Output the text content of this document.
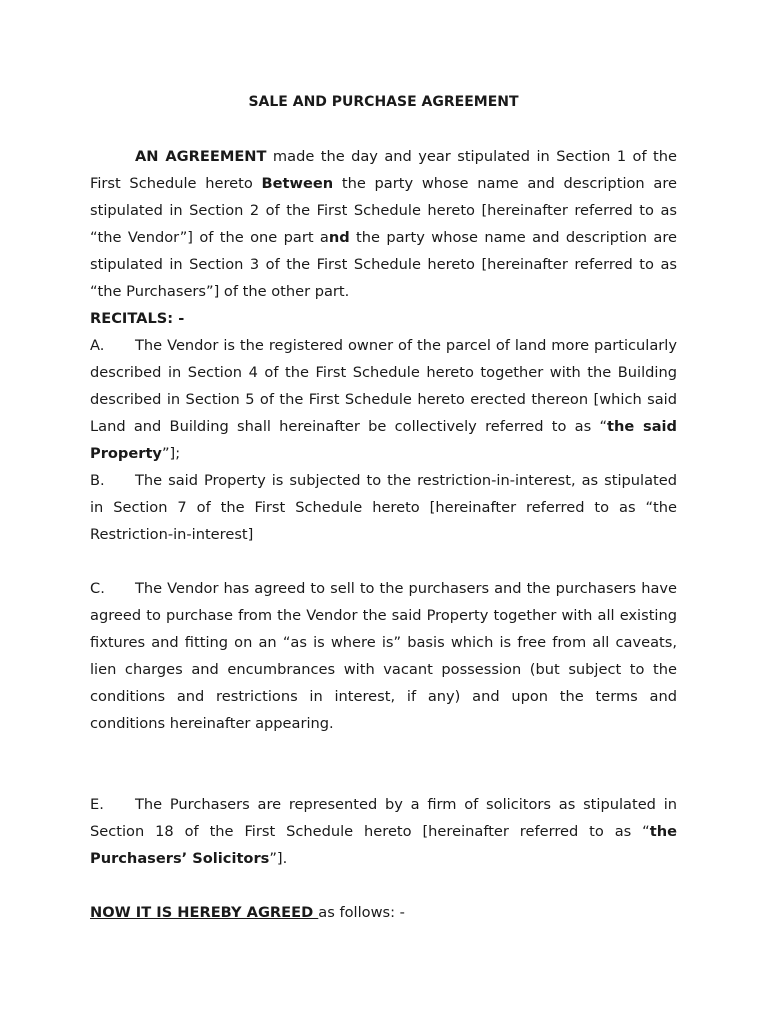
SALE AND PURCHASE AGREEMENT

AN AGREEMENT made the day and year stipulated in Section 1 of the First Schedule hereto Between the party whose name and description are stipulated in Section 2 of the First Schedule hereto [hereinafter referred to as “the Vendor”] of the one part and the party whose name and description are stipulated in Section 3 of the First Schedule hereto [hereinafter referred to as “the Purchasers”] of the other part.

RECITALS: -

A. The Vendor is the registered owner of the parcel of land more particularly described in Section 4 of the First Schedule hereto together with the Building described in Section 5 of the First Schedule hereto erected thereon [which said Land and Building shall hereinafter be collectively referred to as “the said Property”];

B. The said Property is subjected to the restriction-in-interest, as stipulated in Section 7 of the First Schedule hereto [hereinafter referred to as “the Restriction-in-interest]

C. The Vendor has agreed to sell to the purchasers and the purchasers have agreed to purchase from the Vendor the said Property together with all existing fixtures and fitting on an “as is where is” basis which is free from all caveats, lien charges and encumbrances with vacant possession (but subject to the conditions and restrictions in interest, if any) and upon the terms and conditions hereinafter appearing.

E. The Purchasers are represented by a firm of solicitors as stipulated in Section 18 of the First Schedule hereto [hereinafter referred to as “the Purchasers’ Solicitors”].

NOW IT IS HEREBY AGREED as follows: -
